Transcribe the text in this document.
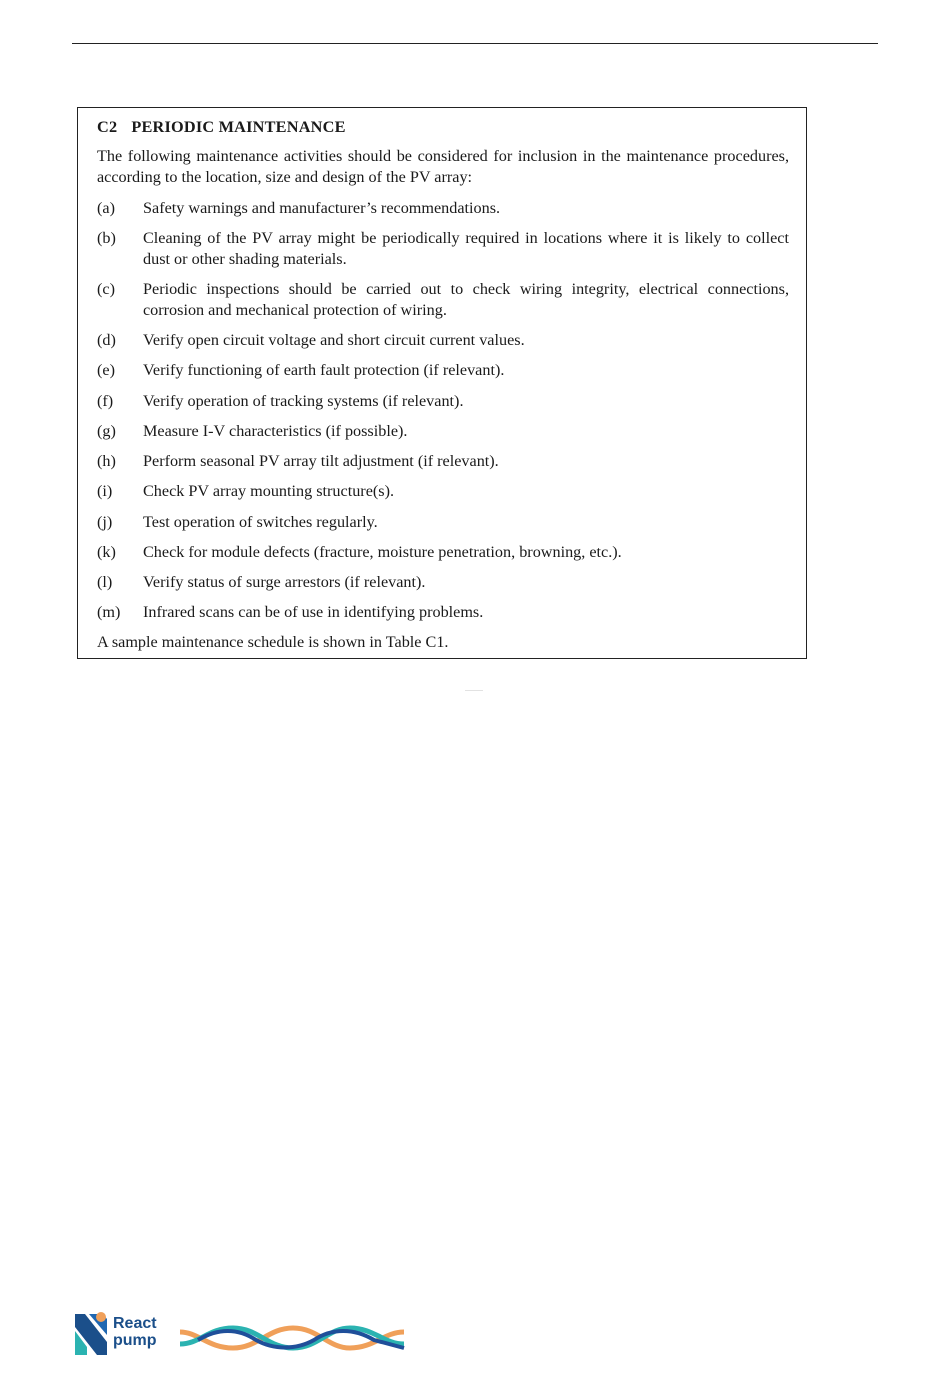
C2 PERIODIC MAINTENANCE
The following maintenance activities should be considered for inclusion in the maintenance procedures, according to the location, size and design of the PV array:
(a)	Safety warnings and manufacturer’s recommendations.
(b)	Cleaning of the PV array might be periodically required in locations where it is likely to collect dust or other shading materials.
(c)	Periodic inspections should be carried out to check wiring integrity, electrical connections, corrosion and mechanical protection of wiring.
(d)	Verify open circuit voltage and short circuit current values.
(e)	Verify functioning of earth fault protection (if relevant).
(f)	Verify operation of tracking systems (if relevant).
(g)	Measure I-V characteristics (if possible).
(h)	Perform seasonal PV array tilt adjustment (if relevant).
(i)	Check PV array mounting structure(s).
(j)	Test operation of switches regularly.
(k)	Check for module defects (fracture, moisture penetration, browning, etc.).
(l)	Verify status of surge arrestors (if relevant).
(m)	Infrared scans can be of use in identifying problems.
A sample maintenance schedule is shown in Table C1.
React
pump
